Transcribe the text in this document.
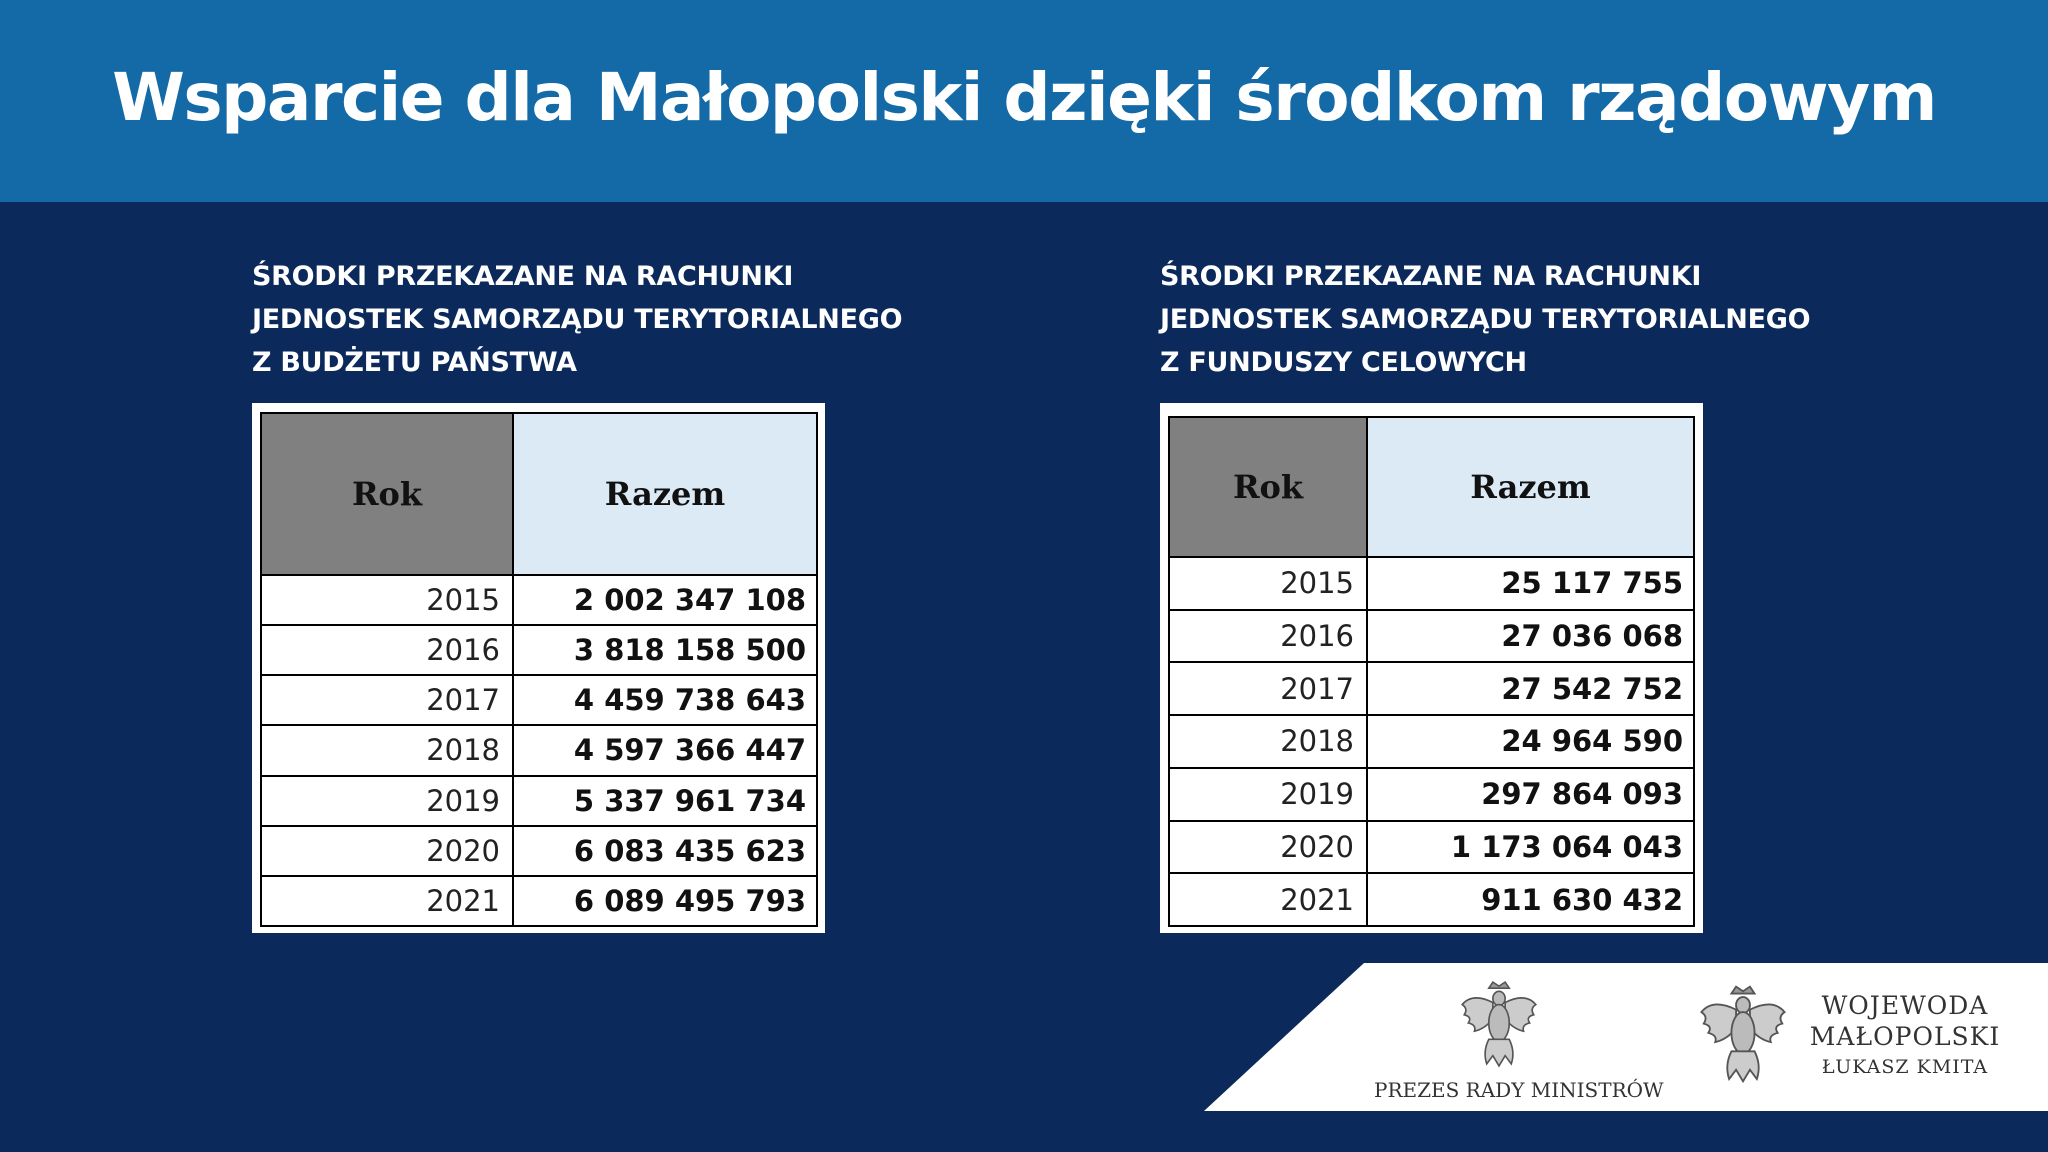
Wsparcie dla Małopolski dzięki środkom rządowym
ŚRODKI PRZEKAZANE NA RACHUNKI
JEDNOSTEK SAMORZĄDU TERYTORIALNEGO
Z BUDŻETU PAŃSTWA
Rok	Razem
2015	2 002 347 108
2016	3 818 158 500
2017	4 459 738 643
2018	4 597 366 447
2019	5 337 961 734
2020	6 083 435 623
2021	6 089 495 793
ŚRODKI PRZEKAZANE NA RACHUNKI
JEDNOSTEK SAMORZĄDU TERYTORIALNEGO
Z FUNDUSZY CELOWYCH
Rok	Razem
2015	25 117 755
2016	27 036 068
2017	27 542 752
2018	24 964 590
2019	297 864 093
2020	1 173 064 043
2021	911 630 432
PREZES RADY MINISTRÓW
WOJEWODA
MAŁOPOLSKI
ŁUKASZ KMITA
